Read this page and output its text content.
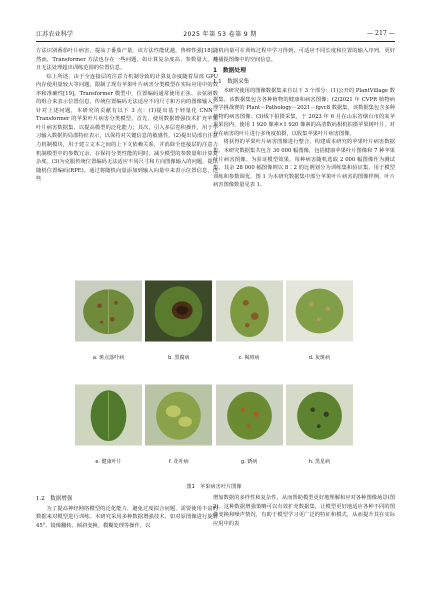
江苏农业科学	2025 年第 53 卷第 9 期	— 217 —

方法识别番茄叶片病害，提高了番茄产量，该方法性能优越，鲁棒性强[18]。然而，Transformer 方法也存在一些问题，如计算复杂度高、参数量大，并且无法处理超出训练范围的位置信息。

综上所述，由于全连接层的注意力机制导致的计算复杂度随着局部 GPU 内存使用量较大等问题，限制了现有苹果叶片病害分类模型在实际应用中的效率和准确性[19]。Transformer 模型中，位置编码通常使用正弦、余弦函数的组合来表示位置信息，传统位置编码无法适应不同尺寸和方向的图像输入。针对上述问题，本研究的贡献有以下 3 点：(1)提出基于轻量化 CNN－Transformer 的苹果叶片病害分类模型。首先，使用数据增强技术扩充苹果叶片病害数据集，以提高模型的泛化能力；其次，引入多层卷积操作，用于学习输入数据的局部特征表示，以保持对关键信息的敏感性。(2)提出局部自注意力机制模块，用于建立文本之间的上下文依赖关系，并消除全连接层的注意力机制模型中的参数冗余，在保持分类性能的同时，减少模型的参数量和计算复杂度。(3)为克服传统位置编码无法适应不同尺寸和方向图像输入的问题，提出随机位置编码(RPE)。通过将随机向量添加到输入向量中来表示位置信息，这些

随机向量可在训练过程中学习得到，可适应不同长度和位置的输入序列，更好地捕捉图像中的空间信息。

1　数据处理
1.1　数据采集

本研究使用的图像数据集来自以下 3 个部分：(1)公开的 PlantVillage 数据集，该数据集包含各种植物的健康和病害图像；(2)2021 年 CVPR 植物病理学挑战赛的 Plant－Pathology－2021－fgvc8 数据集，该数据集包含多种植物的病害图像；(3)线下拍摄采集，于 2023 年 6 月在山东省烟台市的某苹果果园内，使用 1 920 像素×1 920 像素的高清数码相机拍摄苹果树叶片，对存在病害的叶片进行多角度拍摄，以收集苹果叶片病害图像。

将获得的苹果叶片病害图像进行整合，构建成本研究的苹果叶片病害数据集。本研究数据集共包含 30 000 幅图像，包括健康苹果叶片图像和 7 种苹果叶片病害图像。为验证模型效果，每种病害随机选取 2 000 幅图像作为测试集。其余 28 000 幅图像则以 8∶2 的比例划分为训练集和验证集，用于模型训练和参数调优。图 1 为本研究数据集中部分苹果叶片病害的图像样例，叶片病害图像数量见表 1。

a. 斑点落叶病	b. 黑腐病	c. 褐斑病	d. 灰斑病
e. 健康叶片	f. 花叶病	g. 锈病	h. 黑星病
图1　苹果病害叶片图像
1.2　数据增强

为了提高神经网络模型的泛化能力，避免过度拟合问题，需要使用丰富的数据来对模型进行训练。本研究采用多种数据增强技术，如对原图像进行旋转 45°、镜像翻转、倾斜变换、模糊处理等操作，以

增加数据的多样性和复杂性，从而帮助模型更好地理解和应对各种图像场景(图 2)。这种数据增强策略可以有效扩充数据集，让模型更好地适应各种不同的图像变换和噪声情况，有助于模型学习更广泛的特征和模式，从而提升其在实际应用中的表
